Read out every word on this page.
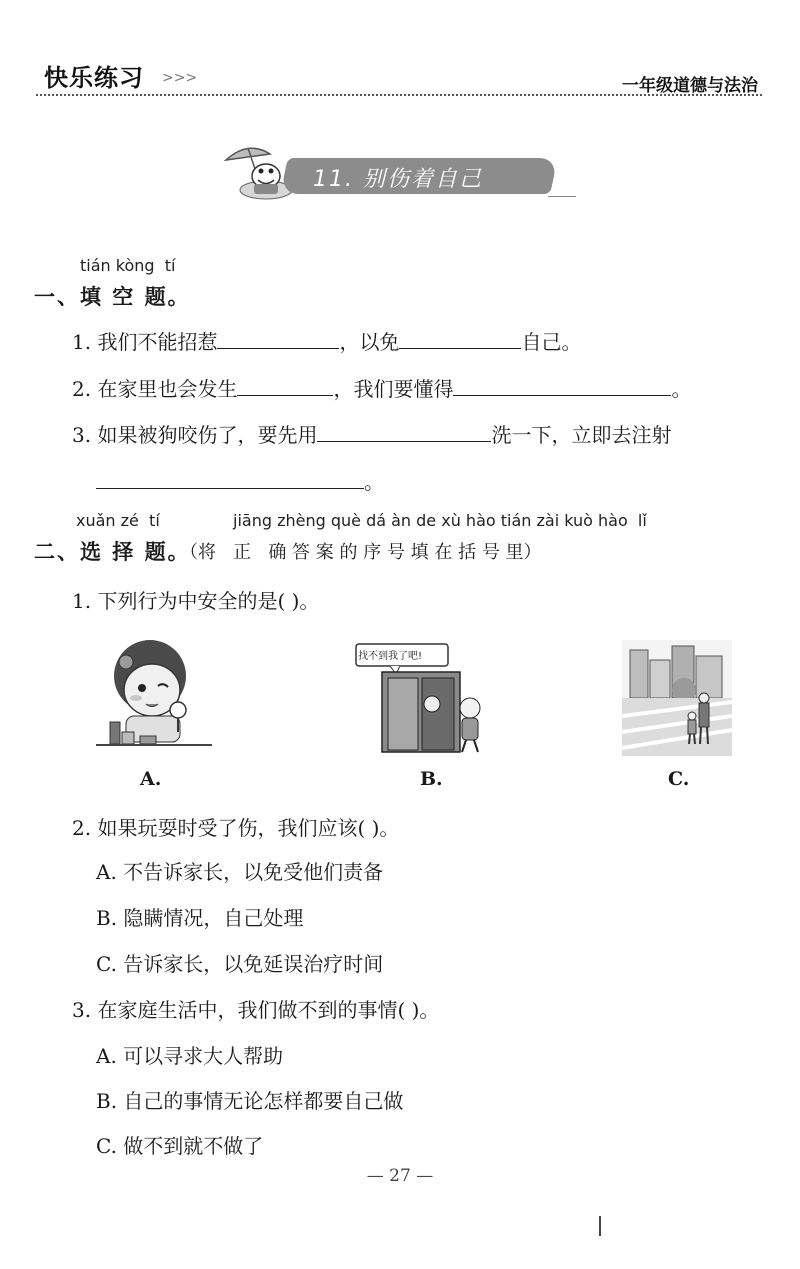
快乐练习 >>>	一年级道德与法治
11. 别伤着自己
tián kòng  tí
一、填 空 题。
1. 我们不能招惹	，以免	自己。
2. 在家里也会发生	，我们要懂得	。
3. 如果被狗咬伤了，要先用	洗一下，立即去注射
。
xuǎn zé  tí	jiāng zhèng què dá àn de xù hào tián zài kuò hào  lǐ
二、选 择 题。
（将   正   确 答 案 的 序 号 填 在 括 号 里）
1. 下列行为中安全的是( )。
A.
找不到我了吧!
B.	C.
2. 如果玩耍时受了伤，我们应该( )。
A. 不告诉家长，以免受他们责备
B. 隐瞒情况，自己处理
C. 告诉家长，以免延误治疗时间
3. 在家庭生活中，我们做不到的事情( )。
A. 可以寻求大人帮助
B. 自己的事情无论怎样都要自己做
C. 做不到就不做了
— 27 —
